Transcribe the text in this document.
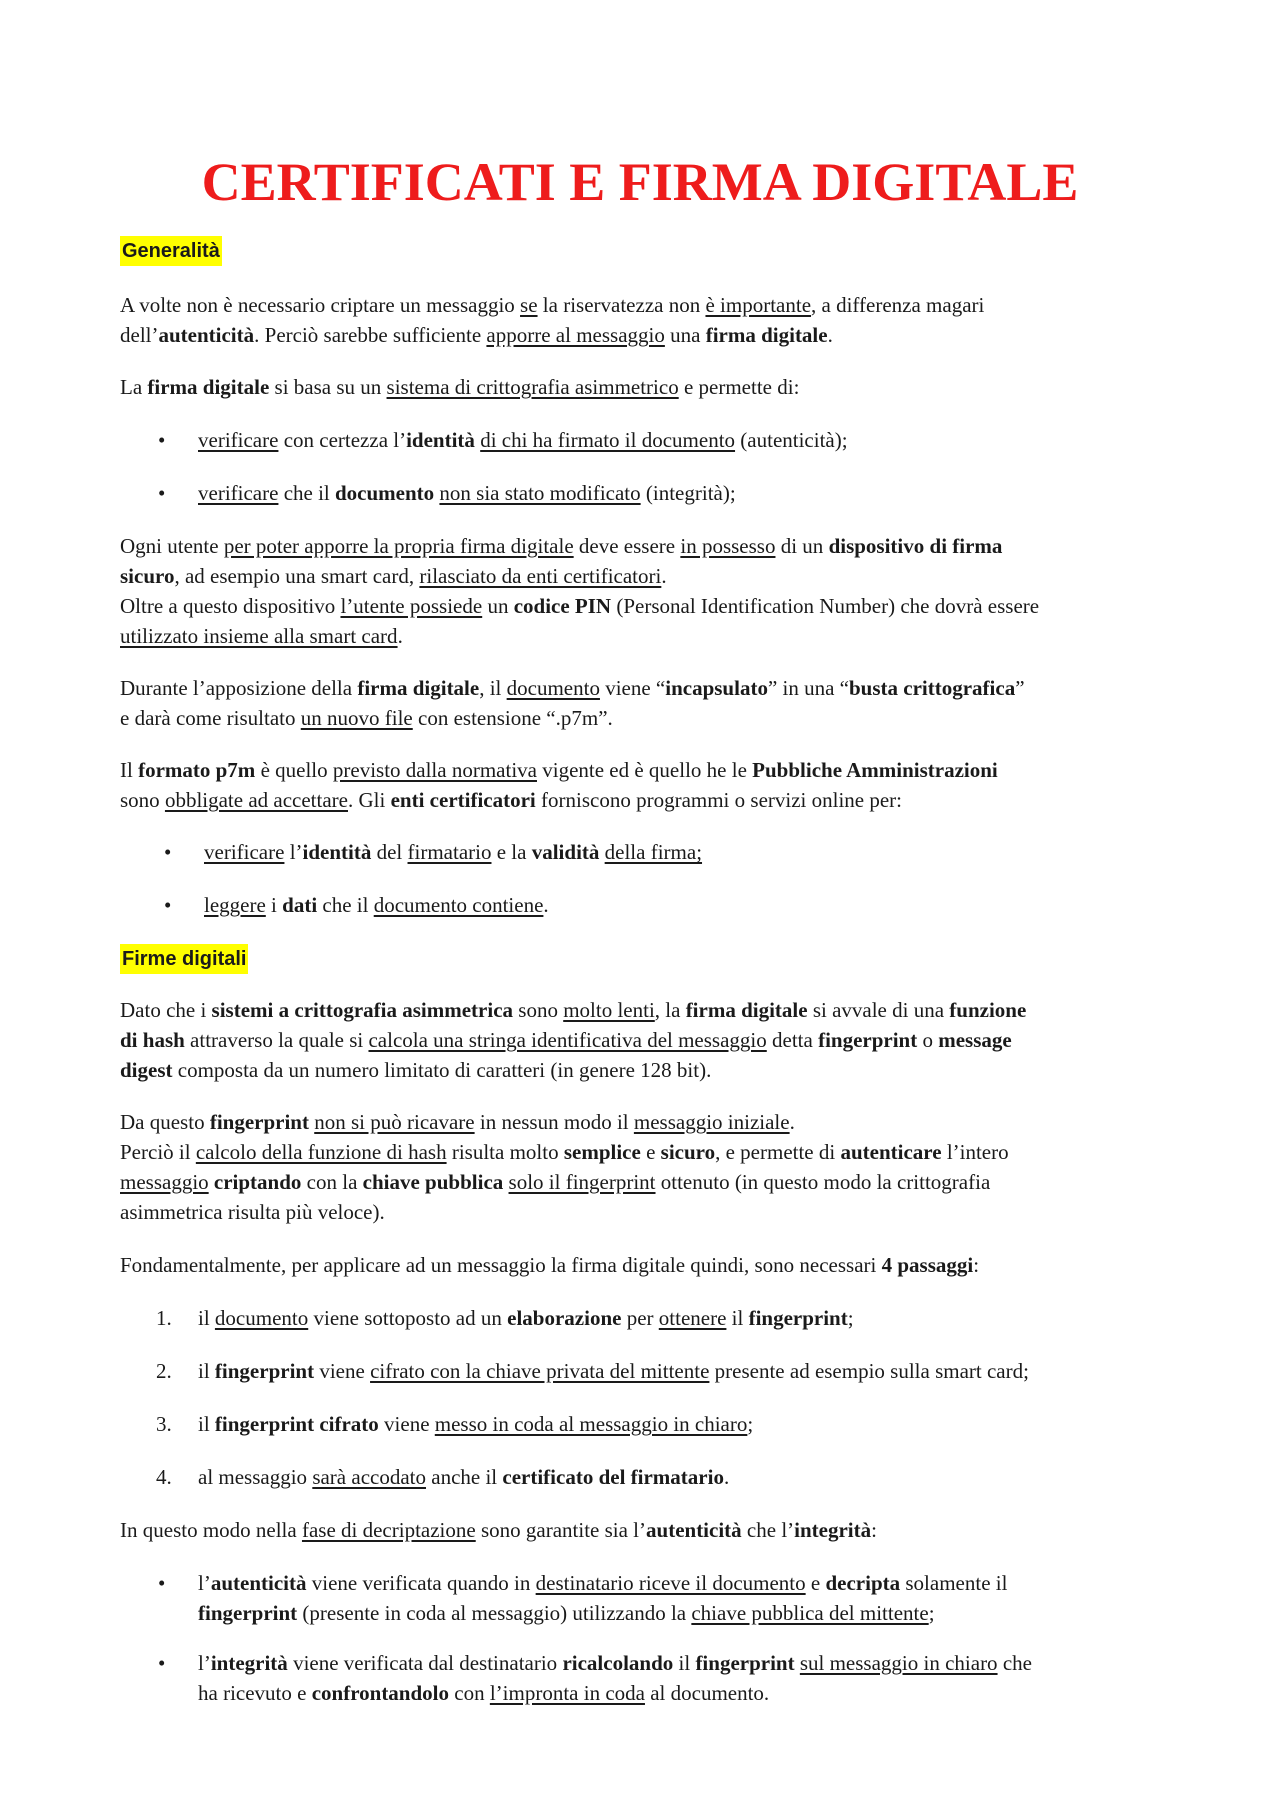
CERTIFICATI E FIRMA DIGITALE
Generalità
A volte non è necessario criptare un messaggio se la riservatezza non è importante, a differenza magari
dell’autenticità. Perciò sarebbe sufficiente apporre al messaggio una firma digitale.
La firma digitale si basa su un sistema di crittografia asimmetrico e permette di:
•	verificare con certezza l’identità di chi ha firmato il documento (autenticità);
•	verificare che il documento non sia stato modificato (integrità);
Ogni utente per poter apporre la propria firma digitale deve essere in possesso di un dispositivo di firma
sicuro, ad esempio una smart card, rilasciato da enti certificatori.
Oltre a questo dispositivo l’utente possiede un codice PIN (Personal Identification Number) che dovrà essere
utilizzato insieme alla smart card.
Durante l’apposizione della firma digitale, il documento viene “incapsulato” in una “busta crittografica”
e darà come risultato un nuovo file con estensione “.p7m”.
Il formato p7m è quello previsto dalla normativa vigente ed è quello he le Pubbliche Amministrazioni
sono obbligate ad accettare. Gli enti certificatori forniscono programmi o servizi online per:
•	verificare l’identità del firmatario e la validità della firma;
•	leggere i dati che il documento contiene.
Firme digitali
Dato che i sistemi a crittografia asimmetrica sono molto lenti, la firma digitale si avvale di una funzione
di hash attraverso la quale si calcola una stringa identificativa del messaggio detta fingerprint o message
digest composta da un numero limitato di caratteri (in genere 128 bit).
Da questo fingerprint non si può ricavare in nessun modo il messaggio iniziale.
Perciò il calcolo della funzione di hash risulta molto semplice e sicuro, e permette di autenticare l’intero
messaggio criptando con la chiave pubblica solo il fingerprint ottenuto (in questo modo la crittografia
asimmetrica risulta più veloce).
Fondamentalmente, per applicare ad un messaggio la firma digitale quindi, sono necessari 4 passaggi:
1.	il documento viene sottoposto ad un elaborazione per ottenere il fingerprint;
2.	il fingerprint viene cifrato con la chiave privata del mittente presente ad esempio sulla smart card;
3.	il fingerprint cifrato viene messo in coda al messaggio in chiaro;
4.	al messaggio sarà accodato anche il certificato del firmatario.
In questo modo nella fase di decriptazione sono garantite sia l’autenticità che l’integrità:
•	l’autenticità viene verificata quando in destinatario riceve il documento e decripta solamente il
fingerprint (presente in coda al messaggio) utilizzando la chiave pubblica del mittente;
•	l’integrità viene verificata dal destinatario ricalcolando il fingerprint sul messaggio in chiaro che
ha ricevuto e confrontandolo con l’impronta in coda al documento.
